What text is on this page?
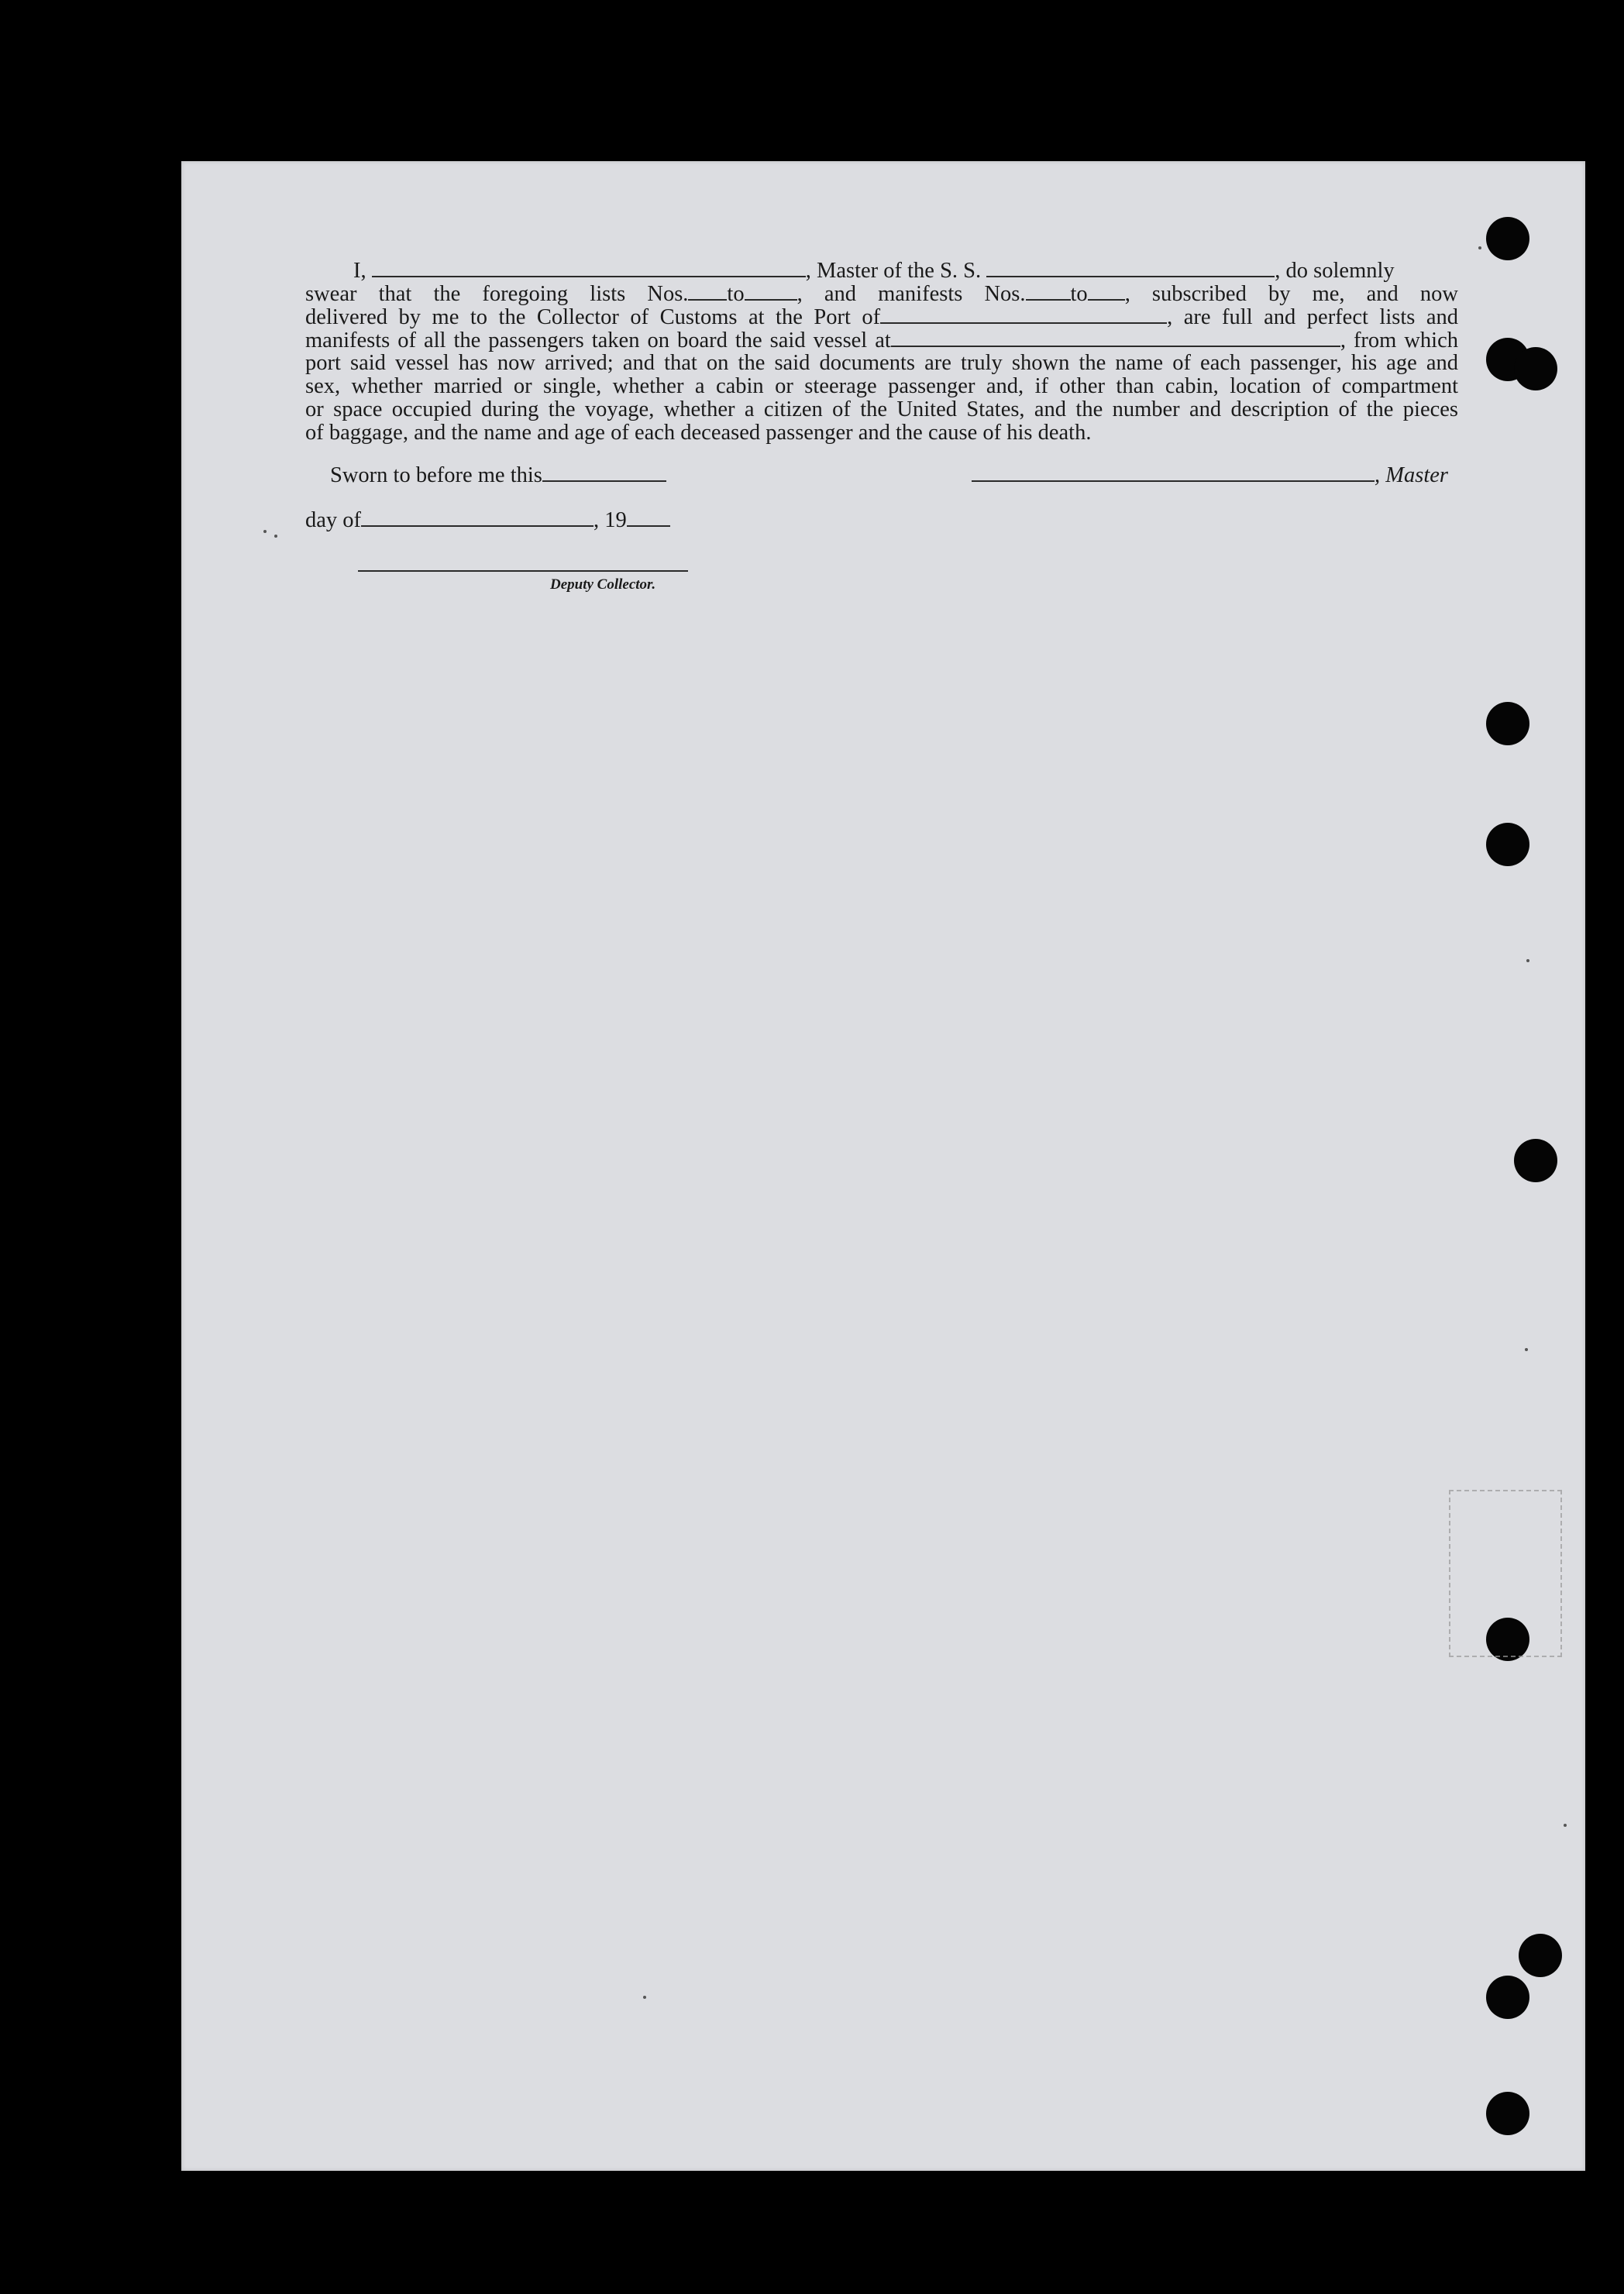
I,	, Master of the S. S.	, do solemnly
swear that the foregoing lists Nos. to , and manifests Nos. to , subscribed by me, and now
delivered by me to the Collector of Customs at the Port of	, are full and perfect lists and
manifests of all the passengers taken on board the said vessel at	, from which
port said vessel has now arrived; and that on the said documents are truly shown the name of each passenger, his age and
sex, whether married or single, whether a cabin or steerage passenger and, if other than cabin, location of compartment
or space occupied during the voyage, whether a citizen of the United States, and the number and description of the pieces
of baggage, and the name and age of each deceased passenger and the cause of his death.
Sworn to before me this	, Master
day of	, 19
Deputy Collector.
